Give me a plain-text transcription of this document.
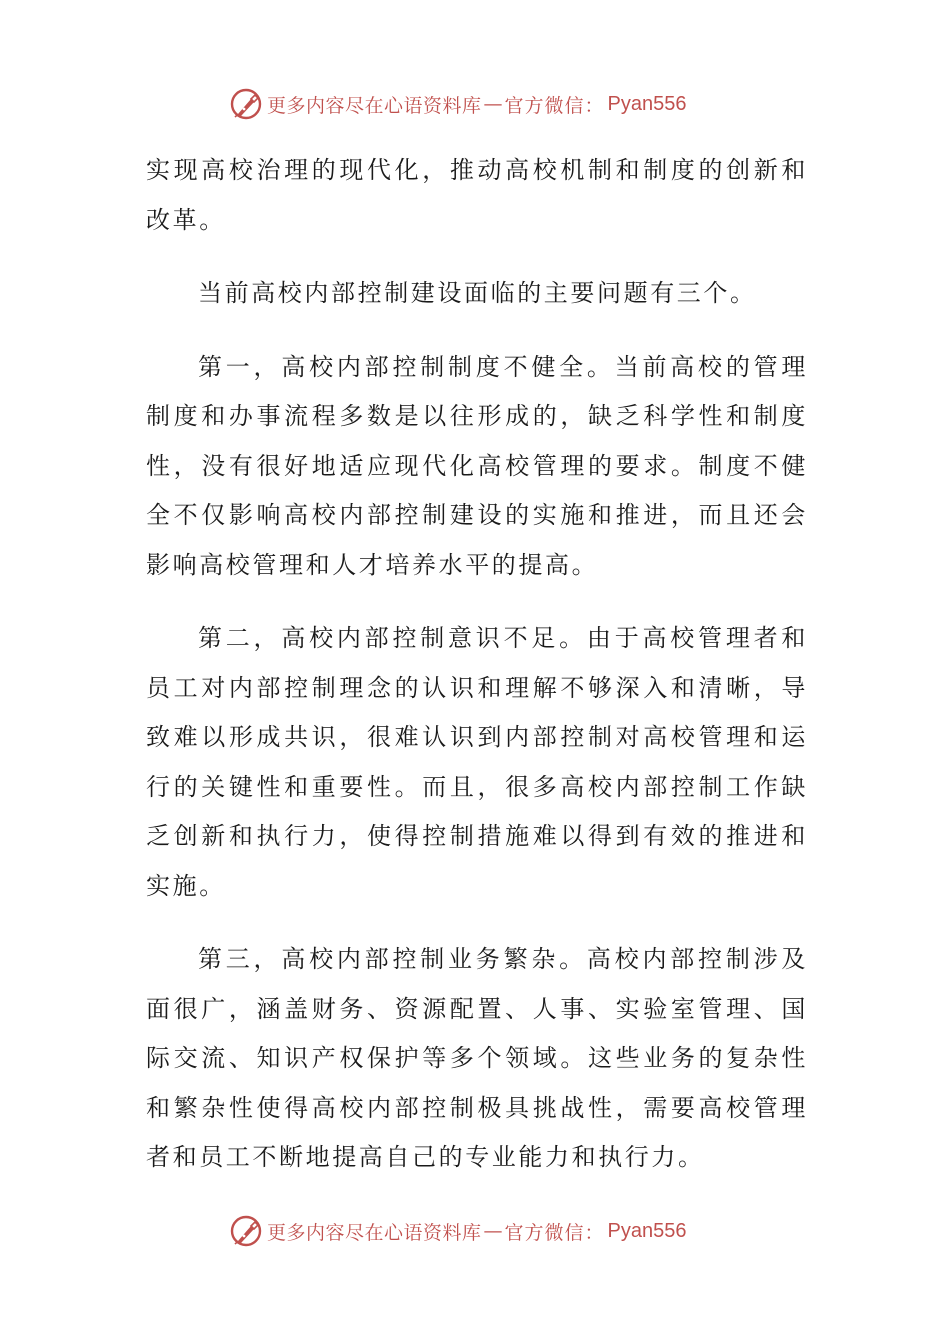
更多内容尽在心语资料库 — 官方微信： Pyan556

实现高校治理的现代化，推动高校机制和制度的创新和改革。

当前高校内部控制建设面临的主要问题有三个。

第一，高校内部控制制度不健全。当前高校的管理制度和办事流程多数是以往形成的，缺乏科学性和制度性，没有很好地适应现代化高校管理的要求。制度不健全不仅影响高校内部控制建设的实施和推进，而且还会影响高校管理和人才培养水平的提高。

第二，高校内部控制意识不足。由于高校管理者和员工对内部控制理念的认识和理解不够深入和清晰，导致难以形成共识，很难认识到内部控制对高校管理和运行的关键性和重要性。而且，很多高校内部控制工作缺乏创新和执行力，使得控制措施难以得到有效的推进和实施。

第三，高校内部控制业务繁杂。高校内部控制涉及面很广，涵盖财务、资源配置、人事、实验室管理、国际交流、知识产权保护等多个领域。这些业务的复杂性和繁杂性使得高校内部控制极具挑战性，需要高校管理者和员工不断地提高自己的专业能力和执行力。

更多内容尽在心语资料库 — 官方微信： Pyan556
